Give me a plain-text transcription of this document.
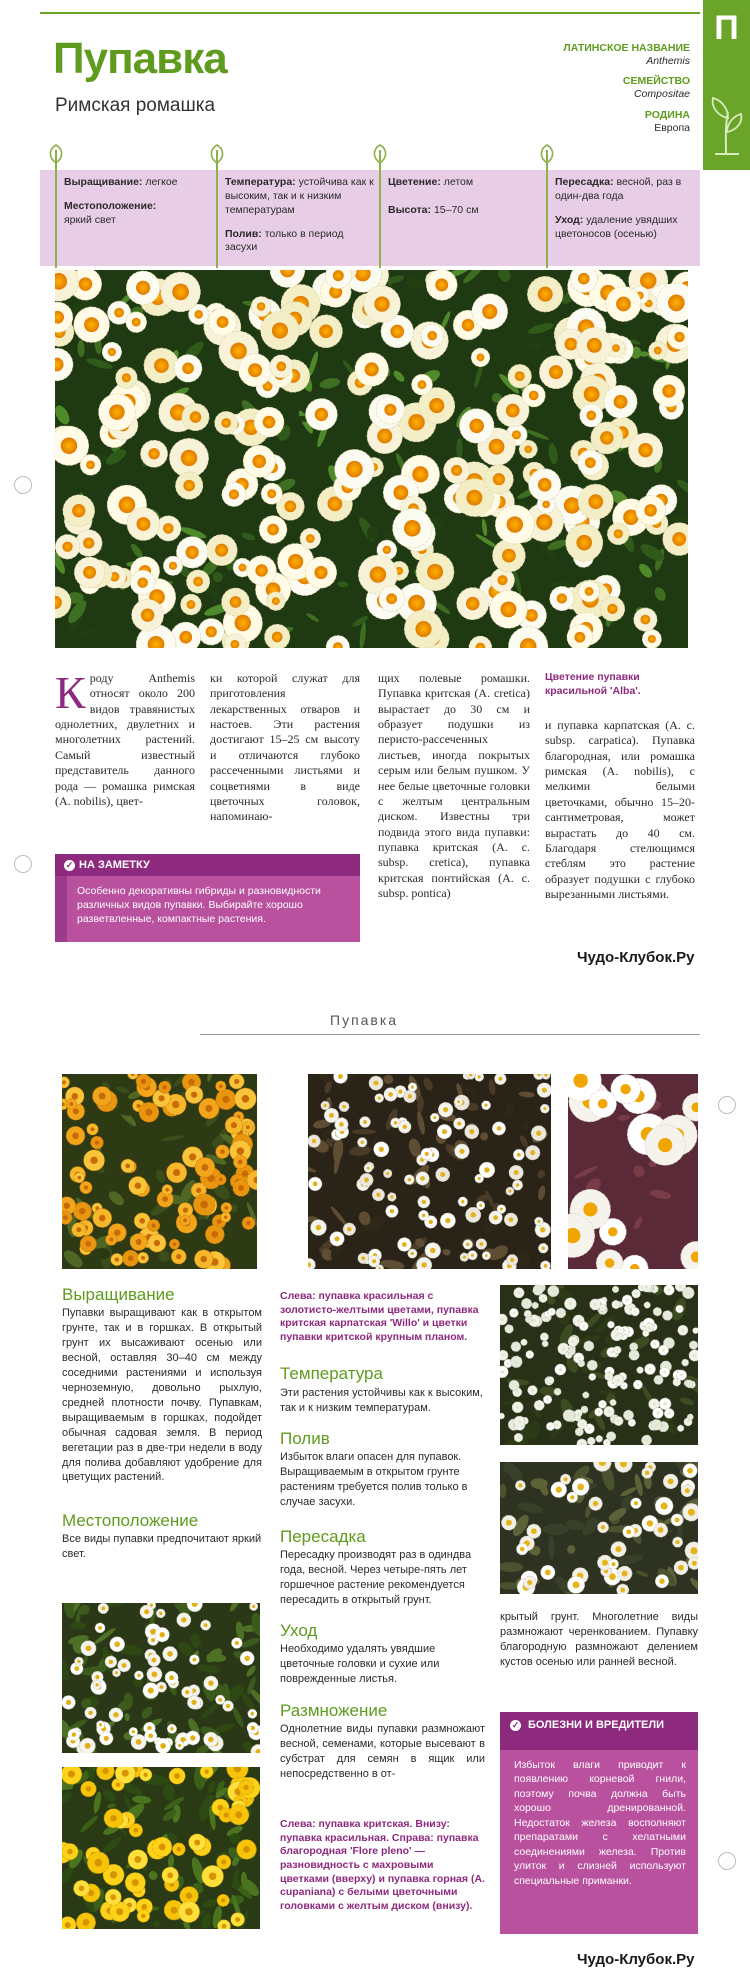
Пупавка
Римская ромашка
ЛАТИНСКОЕ НАЗВАНИЕ
Anthemis
СЕМЕЙСТВО
Compositae
РОДИНА
Европа
П
Выращивание: легкое
Местоположение:
яркий свет
Температура: устойчива как к высоким, так и к низким температурам
Полив: только в период засухи
Цветение: летом
Высота: 15–70 см
Пересадка: весной, раз в один-два года
Уход: удаление увядших цветоносов (осенью)
К роду Anthemis относят около 200 видов травянистых однолетних, двулетних и многолетних растений. Самый известный представитель данного рода — ромашка римская (A. nobilis), цвет-
ки которой служат для приготовления лекарственных отваров и настоев. Эти растения достигают 15–25 см высоту и отличаются глубоко рассеченными листьями и соцветиями в виде цветочных головок, напоминаю-
щих полевые ромашки. Пупавка критская (A. cretica) вырастает до 30 см и образует подушки из перисто-рассеченных листьев, иногда покрытых серым или белым пушком. У нее белые цветочные головки с желтым центральным диском. Известны три подвида этого вида пупавки: пупавка критская (A. c. subsp. cretica), пупавка критская понтийская (A. c. subsp. pontica)
Цветение пупавки красильной 'Alba'.
и пупавка карпатская (A. c. subsp. carpatica). Пупавка благородная, или ромашка римская (A. nobilis), с мелкими белыми цветочками, обычно 15–20-сантиметровая, может вырастать до 40 см. Благодаря стелющимся стеблям это растение образует подушки с глубоко вырезанными листьями.
✓ НА ЗАМЕТКУ
Особенно декоративны гибриды и разновидности различных видов пупавки. Выбирайте хорошо разветвленные, компактные растения.
Чудо-Клубок.Ру
Пупавка
Выращивание
Пупавки выращивают как в открытом грунте, так и в горшках. В открытый грунт их высаживают осенью или весной, оставляя 30–40 см между соседними растениями и используя черноземную, довольно рыхлую, средней плотности почву. Пупавкам, выращиваемым в горшках, подойдет обычная садовая земля. В период вегетации раз в две-три недели в воду для полива добавляют удобрение для цветущих растений.
Местоположение
Все виды пупавки предпочитают яркий свет.
Слева: пупавка красильная с золотисто-желтыми цветами, пупавка критская карпатская 'Willo' и цветки пупавки критской крупным планом.
Температура
Эти растения устойчивы как к высоким, так и к низким температурам.
Полив
Избыток влаги опасен для пупавок. Выращиваемым в открытом грунте растениям требуется полив только в случае засухи.
Пересадка
Пересадку производят раз в одиндва года, весной. Через четыре-пять лет горшечное растение рекомендуется пересадить в открытый грунт.
Уход
Необходимо удалять увядшие цветочные головки и сухие или поврежденные листья.
Размножение
Однолетние виды пупавки размножают весной, семенами, которые высевают в субстрат для семян в ящик или непосредственно в от-
Слева: пупавка критская. Внизу: пупавка красильная. Справа: пупавка благородная 'Flore pleno' — разновидность с махровыми цветками (вверху) и пупавка горная (A. cupaniana) с белыми цветочными головками с желтым диском (внизу).
крытый грунт. Многолетние виды размножают черенкованием. Пупавку благородную размножают делением кустов осенью или ранней весной.
✓ БОЛЕЗНИ И ВРЕДИТЕЛИ
Избыток влаги приводит к появлению корневой гнили, поэтому почва должна быть хорошо дренированной. Недостаток железа восполняют препаратами с хелатными соединениями железа. Против улиток и слизней используют специальные приманки.
Чудо-Клубок.Ру
